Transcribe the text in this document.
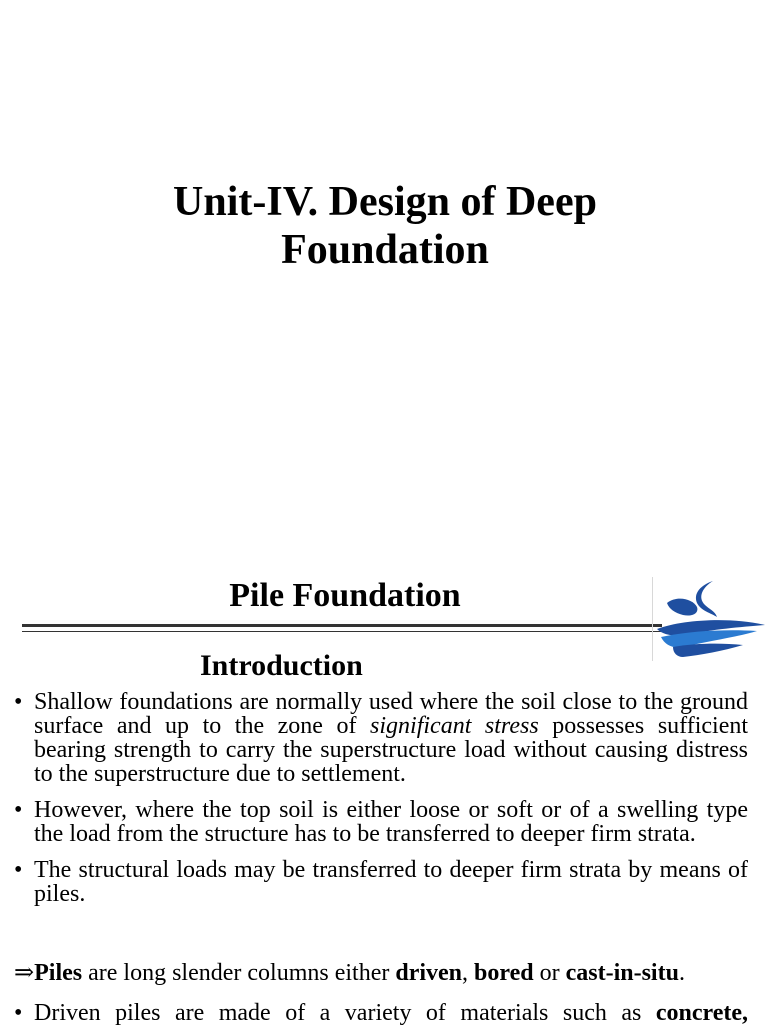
Unit-IV. Design of Deep
Foundation
Pile Foundation
Introduction
• Shallow foundations are normally used where the soil close to the ground surface and up to the zone of significant stress possesses sufficient bearing strength to carry the superstructure load without causing distress to the superstructure due to settlement.
• However, where the top soil is either loose or soft or of a swelling type the load from the structure has to be transferred to deeper firm strata.
• The structural loads may be transferred to deeper firm strata by means of piles.
⇒Piles are long slender columns either driven, bored or cast-in-situ.
• Driven piles are made of a variety of materials such as concrete,
